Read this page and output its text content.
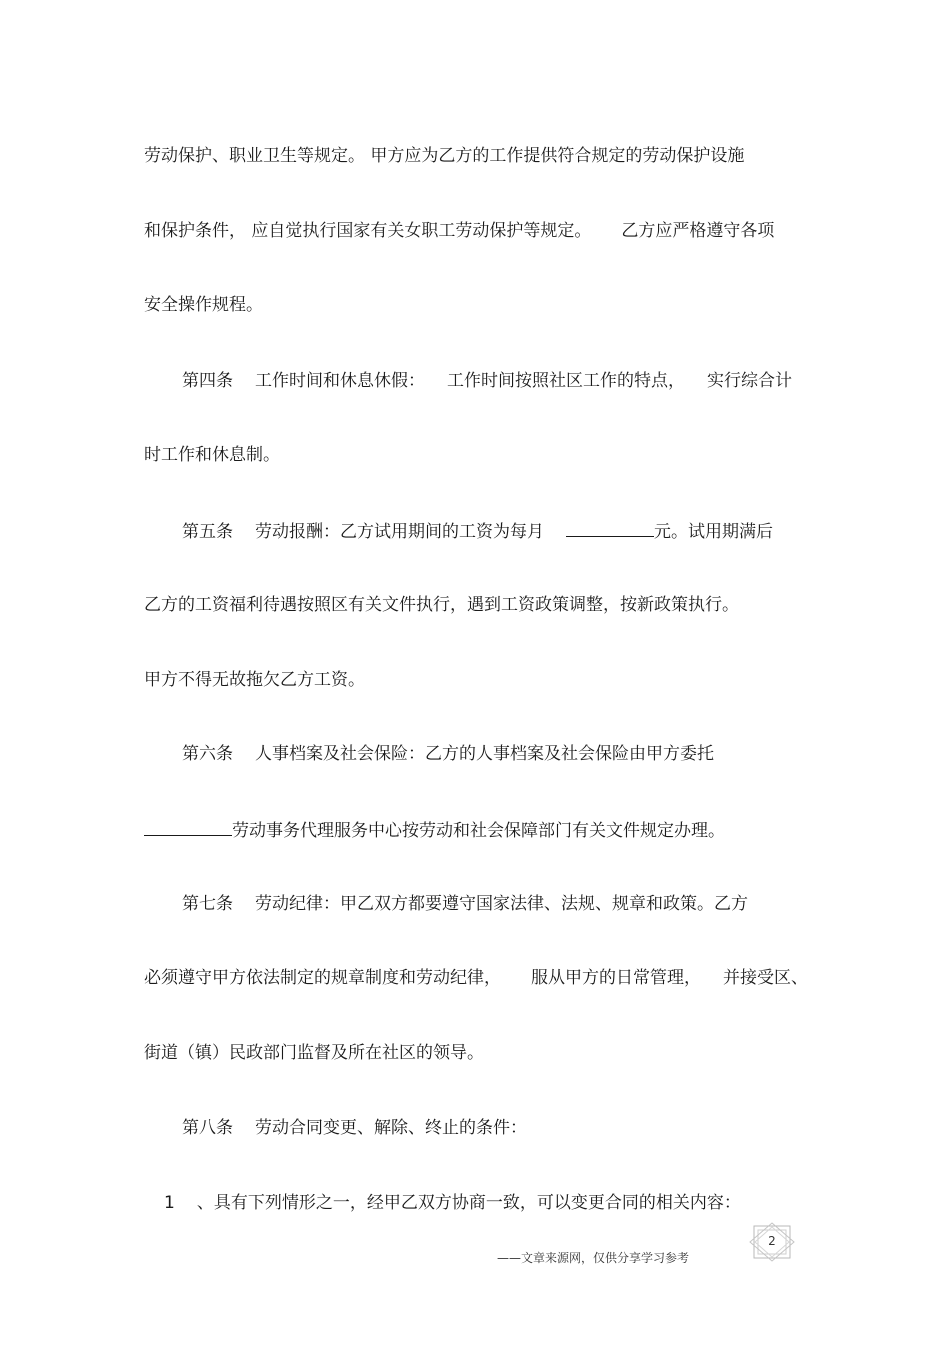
劳动保护、职业卫生等规定。 甲方应为乙方的工作提供符合规定的劳动保护设施
和保护条件， 应自觉执行国家有关女职工劳动保护等规定。 乙方应严格遵守各项
安全操作规程。
第四条 工作时间和休息休假： 工作时间按照社区工作的特点， 实行综合计
时工作和休息制。
第五条 劳动报酬：乙方试用期间的工资为每月	元。试用期满后
乙方的工资福利待遇按照区有关文件执行，遇到工资政策调整，按新政策执行。
甲方不得无故拖欠乙方工资。
第六条 人事档案及社会保险：乙方的人事档案及社会保险由甲方委托
劳动事务代理服务中心按劳动和社会保障部门有关文件规定办理。
第七条 劳动纪律：甲乙双方都要遵守国家法律、法规、规章和政策。乙方
必须遵守甲方依法制定的规章制度和劳动纪律， 服从甲方的日常管理， 并接受区、
街道（镇）民政部门监督及所在社区的领导。
第八条 劳动合同变更、解除、终止的条件：
1 、具有下列情形之一，经甲乙双方协商一致，可以变更合同的相关内容：
2
——文章来源网，仅供分享学习参考
